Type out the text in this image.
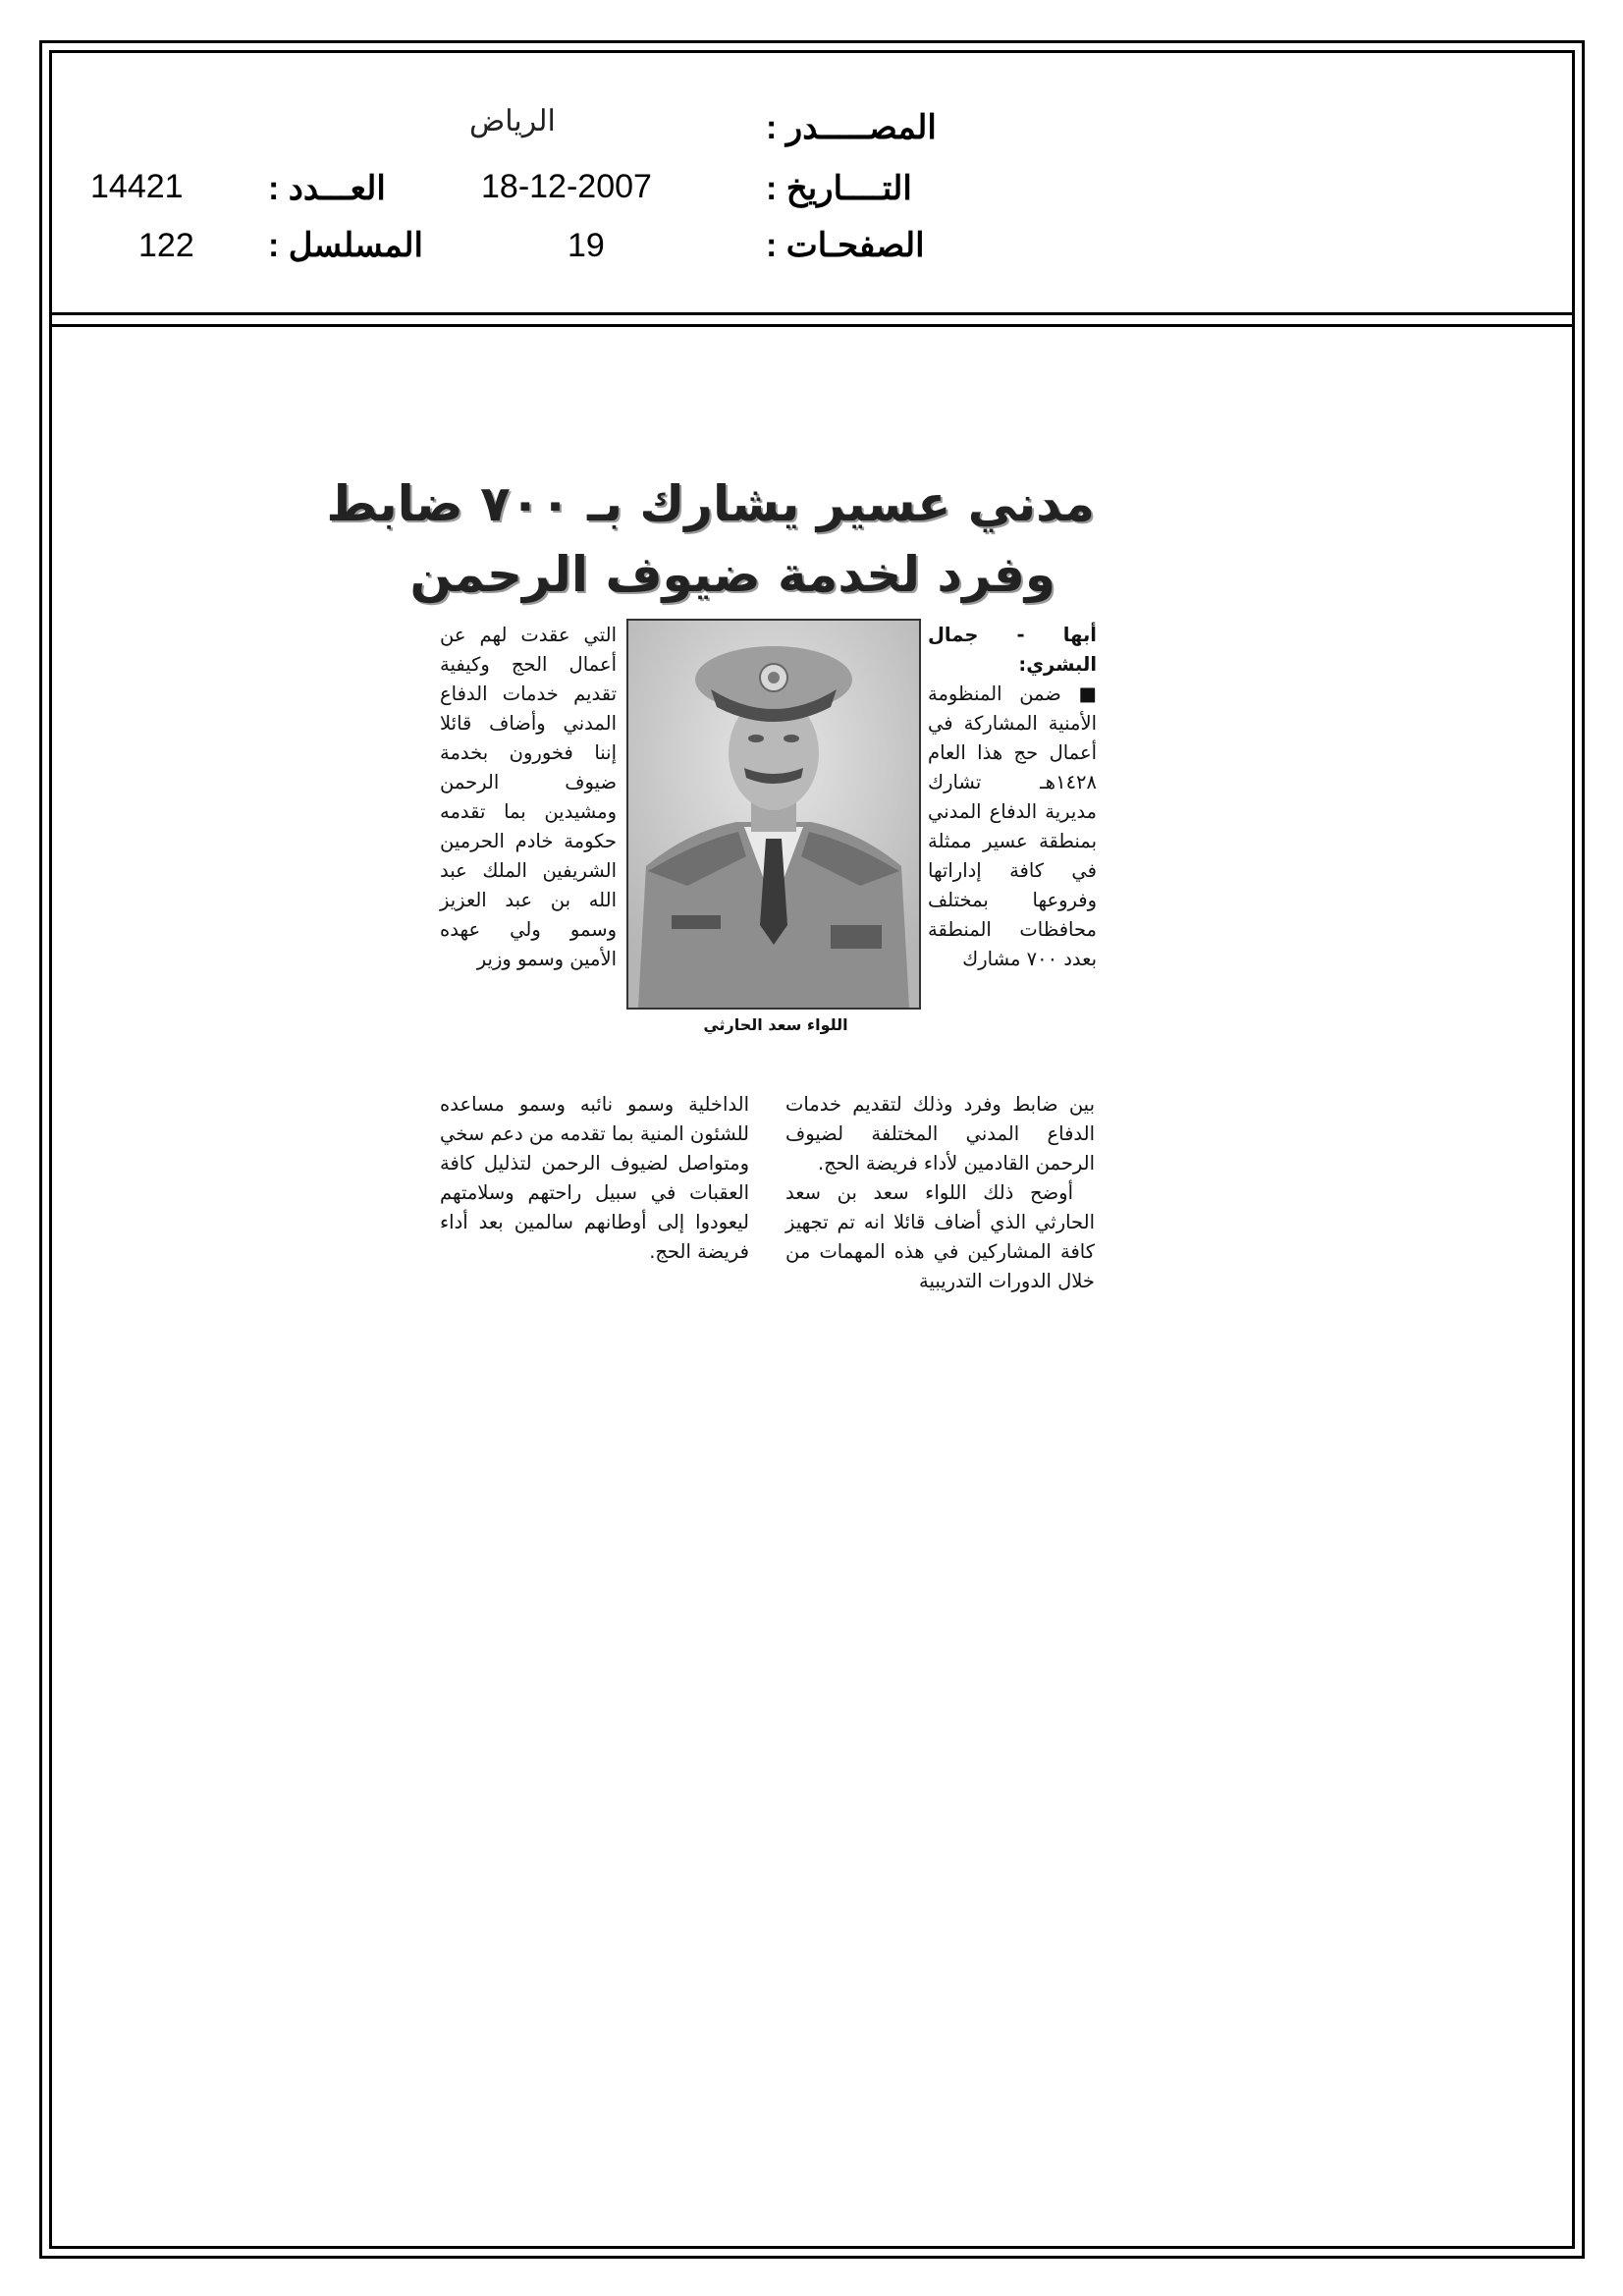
المصـــــدر :
الرياض
التــــاريخ :
18-12-2007
الصفحـات :
19
العـــدد :
14421
المسلسل :
122
مدني عسير يشارك بـ ٧٠٠ ضابط
وفرد لخدمة ضيوف الرحمن

أبها - جمال البشري:

■ ضمن المنظومة الأمنية المشاركة في أعمال حج هذا العام ١٤٢٨هـ تشارك مديرية الدفاع المدني بمنطقة عسير ممثلة في كافة إداراتها وفروعها بمختلف محافظات المنطقة بعدد ٧٠٠ مشارك

اللواء سعد الحارثي

التي عقدت لهم عن أعمال الحج وكيفية تقديم خدمات الدفاع المدني وأضاف قائلا إننا فخورون بخدمة ضيوف الرحمن ومشيدين بما تقدمه حكومة خادم الحرمين الشريفين الملك عبد الله بن عبد العزيز وسمو ولي عهده الأمين وسمو وزير

بين ضابط وفرد وذلك لتقديم خدمات الدفاع المدني المختلفة لضيوف الرحمن القادمين لأداء فريضة الحج.

أوضح ذلك اللواء سعد بن سعد الحارثي الذي أضاف قائلا انه تم تجهيز كافة المشاركين في هذه المهمات من خلال الدورات التدريبية

الداخلية وسمو نائبه وسمو مساعده للشئون المنية بما تقدمه من دعم سخي ومتواصل لضيوف الرحمن لتذليل كافة العقبات في سبيل راحتهم وسلامتهم ليعودوا إلى أوطانهم سالمين بعد أداء فريضة الحج.
